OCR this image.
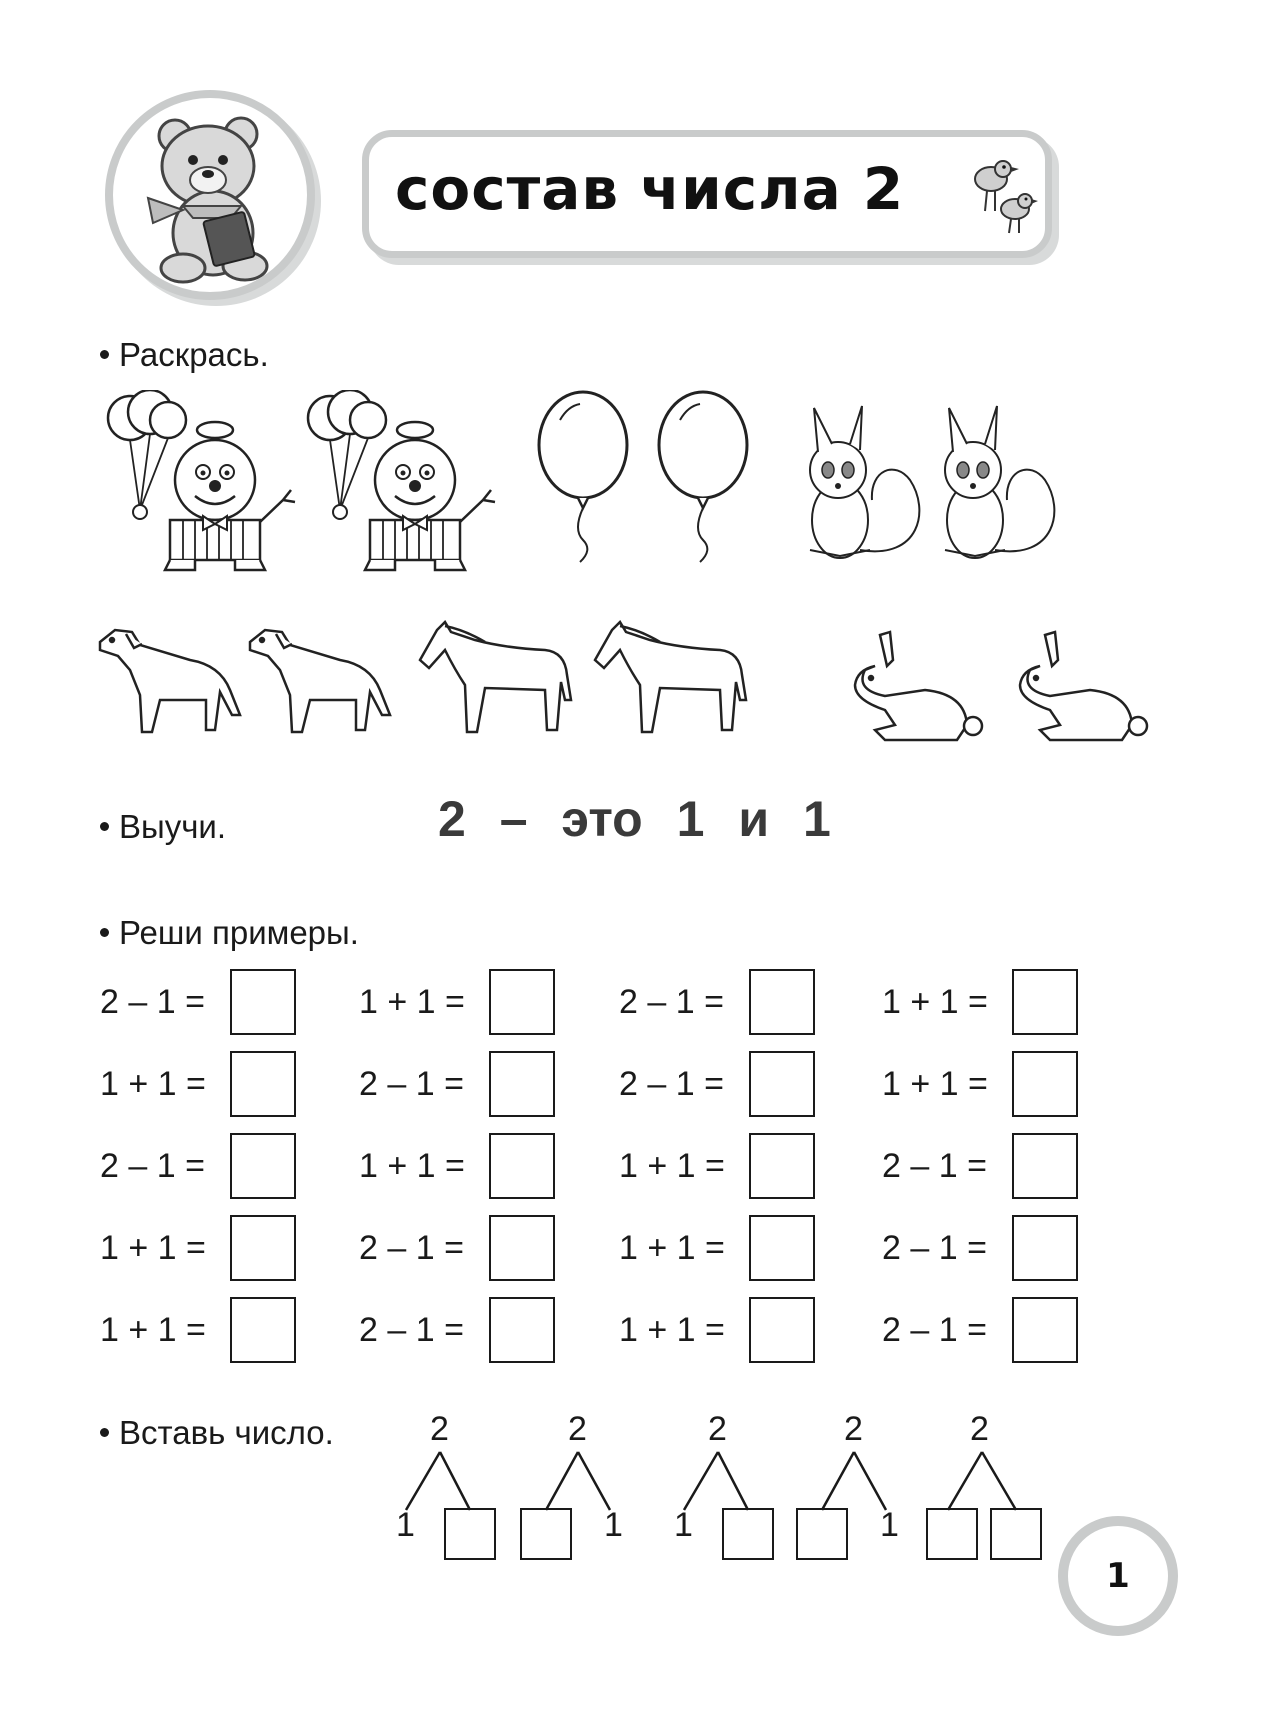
состав числа 2
Раскрась.
Выучи.	2 – это 1 и 1
Реши примеры.
2 – 1 =
1 + 1 =
2 – 1 =
1 + 1 =
1 + 1 =
1 + 1 =
2 – 1 =
1 + 1 =
2 – 1 =
2 – 1 =
2 – 1 =
2 – 1 =
1 + 1 =
1 + 1 =
1 + 1 =
1 + 1 =
1 + 1 =
2 – 1 =
2 – 1 =
2 – 1 =
Вставь число.	2
1
2
1
2
1
2
1
2
1
